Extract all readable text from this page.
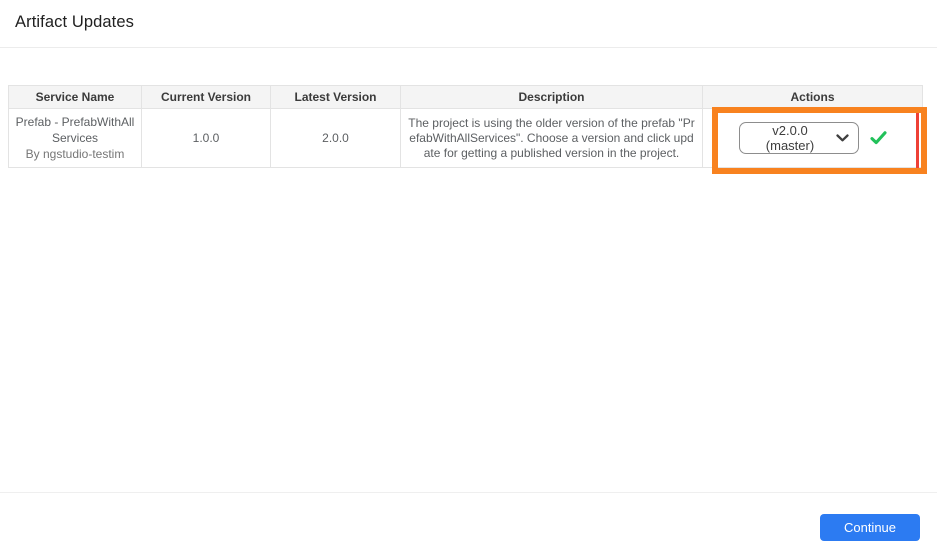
Artifact Updates
Service Name	Current Version	Latest Version	Description	Actions

Prefab - PrefabWithAll Services
By ngstudio-testim	1.0.0	2.0.0	The project is using the older version of the prefab "PrefabWithAllServices". Choose a version and click update for getting a published version in the project.	v2.0.0 (master)
Continue
